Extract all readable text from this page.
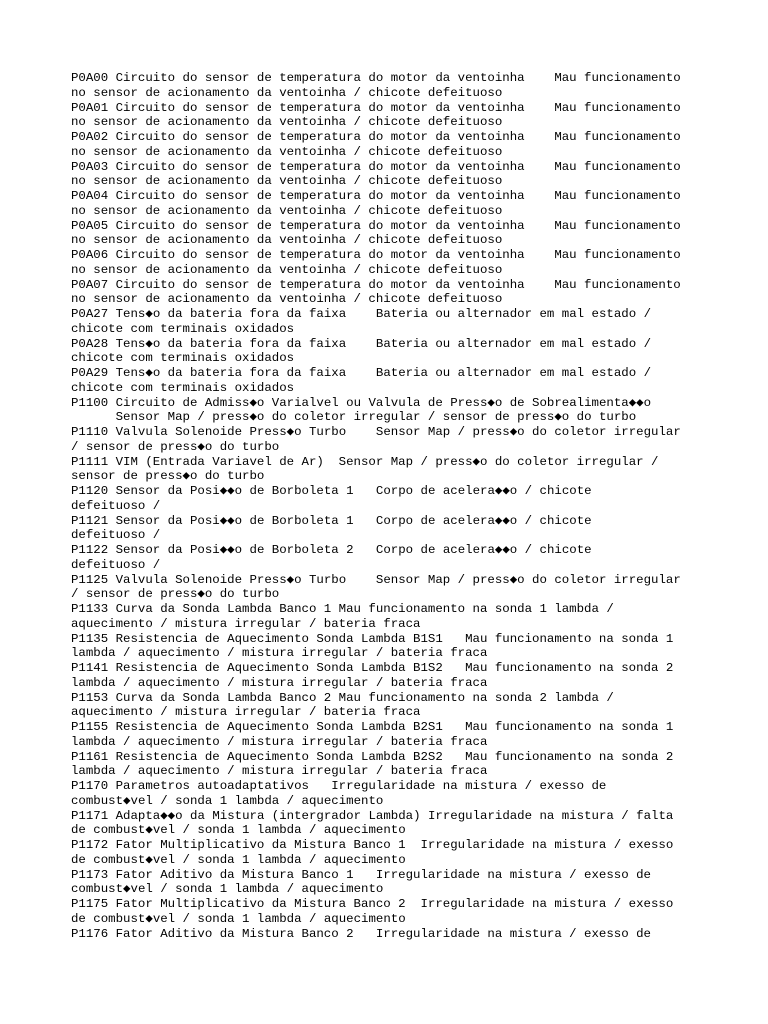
P0A00 Circuito do sensor de temperatura do motor da ventoinha    Mau funcionamento
no sensor de acionamento da ventoinha / chicote defeituoso
P0A01 Circuito do sensor de temperatura do motor da ventoinha    Mau funcionamento
no sensor de acionamento da ventoinha / chicote defeituoso
P0A02 Circuito do sensor de temperatura do motor da ventoinha    Mau funcionamento
no sensor de acionamento da ventoinha / chicote defeituoso
P0A03 Circuito do sensor de temperatura do motor da ventoinha    Mau funcionamento
no sensor de acionamento da ventoinha / chicote defeituoso
P0A04 Circuito do sensor de temperatura do motor da ventoinha    Mau funcionamento
no sensor de acionamento da ventoinha / chicote defeituoso
P0A05 Circuito do sensor de temperatura do motor da ventoinha    Mau funcionamento
no sensor de acionamento da ventoinha / chicote defeituoso
P0A06 Circuito do sensor de temperatura do motor da ventoinha    Mau funcionamento
no sensor de acionamento da ventoinha / chicote defeituoso
P0A07 Circuito do sensor de temperatura do motor da ventoinha    Mau funcionamento
no sensor de acionamento da ventoinha / chicote defeituoso
P0A27 Tens◆o da bateria fora da faixa    Bateria ou alternador em mal estado /
chicote com terminais oxidados
P0A28 Tens◆o da bateria fora da faixa    Bateria ou alternador em mal estado /
chicote com terminais oxidados
P0A29 Tens◆o da bateria fora da faixa    Bateria ou alternador em mal estado /
chicote com terminais oxidados
P1100 Circuito de Admiss◆o Varialvel ou Valvula de Press◆o de Sobrealimenta◆◆o
Sensor Map / press◆o do coletor irregular / sensor de press◆o do turbo
P1110 Valvula Solenoide Press◆o Turbo    Sensor Map / press◆o do coletor irregular
/ sensor de press◆o do turbo
P1111 VIM (Entrada Variavel de Ar)  Sensor Map / press◆o do coletor irregular /
sensor de press◆o do turbo
P1120 Sensor da Posi◆◆o de Borboleta 1   Corpo de acelera◆◆o / chicote
defeituoso /
P1121 Sensor da Posi◆◆o de Borboleta 1   Corpo de acelera◆◆o / chicote
defeituoso /
P1122 Sensor da Posi◆◆o de Borboleta 2   Corpo de acelera◆◆o / chicote
defeituoso /
P1125 Valvula Solenoide Press◆o Turbo    Sensor Map / press◆o do coletor irregular
/ sensor de press◆o do turbo
P1133 Curva da Sonda Lambda Banco 1 Mau funcionamento na sonda 1 lambda /
aquecimento / mistura irregular / bateria fraca
P1135 Resistencia de Aquecimento Sonda Lambda B1S1   Mau funcionamento na sonda 1
lambda / aquecimento / mistura irregular / bateria fraca
P1141 Resistencia de Aquecimento Sonda Lambda B1S2   Mau funcionamento na sonda 2
lambda / aquecimento / mistura irregular / bateria fraca
P1153 Curva da Sonda Lambda Banco 2 Mau funcionamento na sonda 2 lambda /
aquecimento / mistura irregular / bateria fraca
P1155 Resistencia de Aquecimento Sonda Lambda B2S1   Mau funcionamento na sonda 1
lambda / aquecimento / mistura irregular / bateria fraca
P1161 Resistencia de Aquecimento Sonda Lambda B2S2   Mau funcionamento na sonda 2
lambda / aquecimento / mistura irregular / bateria fraca
P1170 Parametros autoadaptativos   Irregularidade na mistura / exesso de
combust◆vel / sonda 1 lambda / aquecimento
P1171 Adapta◆◆o da Mistura (intergrador Lambda) Irregularidade na mistura / falta
de combust◆vel / sonda 1 lambda / aquecimento
P1172 Fator Multiplicativo da Mistura Banco 1  Irregularidade na mistura / exesso
de combust◆vel / sonda 1 lambda / aquecimento
P1173 Fator Aditivo da Mistura Banco 1   Irregularidade na mistura / exesso de
combust◆vel / sonda 1 lambda / aquecimento
P1175 Fator Multiplicativo da Mistura Banco 2  Irregularidade na mistura / exesso
de combust◆vel / sonda 1 lambda / aquecimento
P1176 Fator Aditivo da Mistura Banco 2   Irregularidade na mistura / exesso de
